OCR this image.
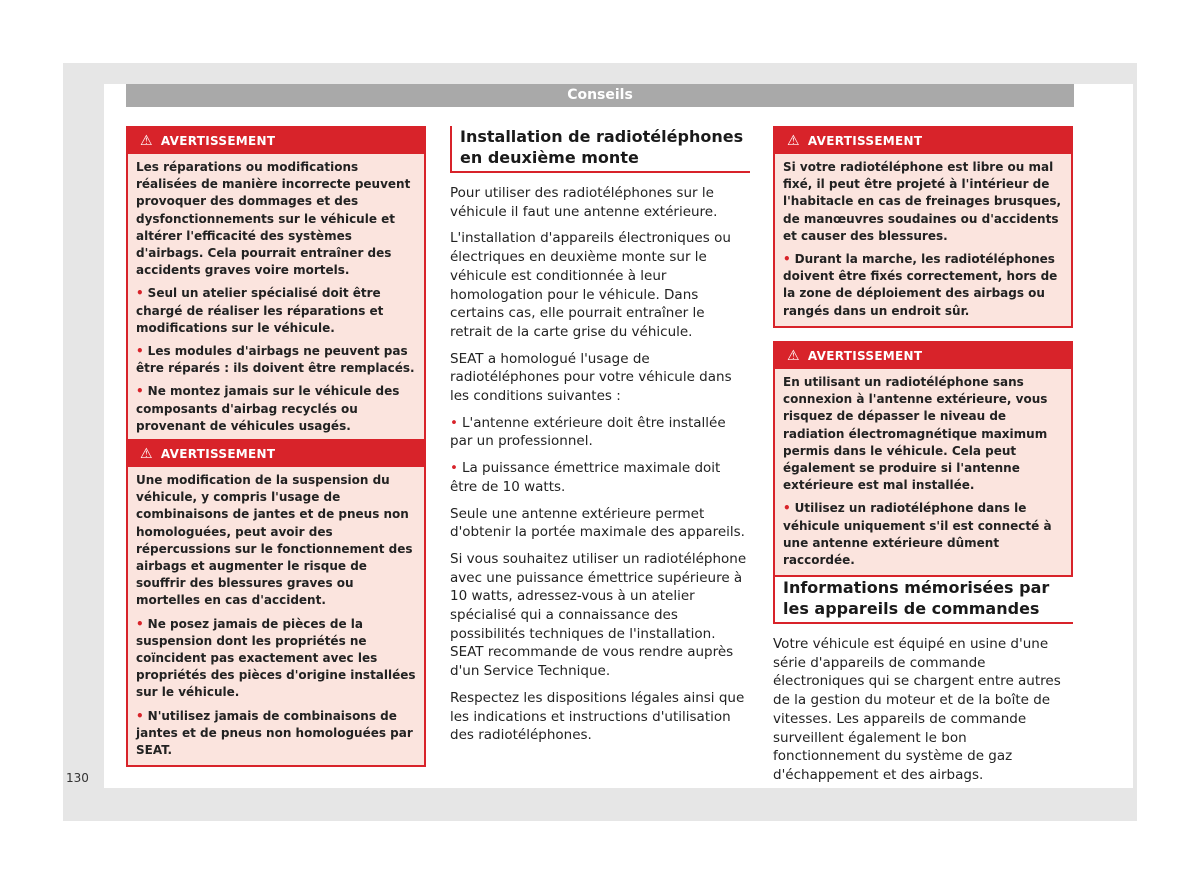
Conseils
⚠ AVERTISSEMENT

Les réparations ou modifications réalisées de manière incorrecte peuvent provoquer des dommages et des dysfonctionnements sur le véhicule et altérer l'efficacité des systèmes d'airbags. Cela pourrait entraîner des accidents graves voire mortels.

• Seul un atelier spécialisé doit être chargé de réaliser les réparations et modifications sur le véhicule.

• Les modules d'airbags ne peuvent pas être réparés : ils doivent être remplacés.

• Ne montez jamais sur le véhicule des composants d'airbag recyclés ou provenant de véhicules usagés.

⚠ AVERTISSEMENT

Une modification de la suspension du véhicule, y compris l'usage de combinaisons de jantes et de pneus non homologuées, peut avoir des répercussions sur le fonctionnement des airbags et augmenter le risque de souffrir des blessures graves ou mortelles en cas d'accident.

• Ne posez jamais de pièces de la suspension dont les propriétés ne coïncident pas exactement avec les propriétés des pièces d'origine installées sur le véhicule.

• N'utilisez jamais de combinaisons de jantes et de pneus non homologuées par SEAT.

Installation de radiotéléphones en deuxième monte

Pour utiliser des radiotéléphones sur le véhicule il faut une antenne extérieure.

L'installation d'appareils électroniques ou électriques en deuxième monte sur le véhicule est conditionnée à leur homologation pour le véhicule. Dans certains cas, elle pourrait entraîner le retrait de la carte grise du véhicule.

SEAT a homologué l'usage de radiotéléphones pour votre véhicule dans les conditions suivantes :

• L'antenne extérieure doit être installée par un professionnel.

• La puissance émettrice maximale doit être de 10 watts.

Seule une antenne extérieure permet d'obtenir la portée maximale des appareils.

Si vous souhaitez utiliser un radiotéléphone avec une puissance émettrice supérieure à 10 watts, adressez-vous à un atelier spécialisé qui a connaissance des possibilités techniques de l'installation. SEAT recommande de vous rendre auprès d'un Service Technique.

Respectez les dispositions légales ainsi que les indications et instructions d'utilisation des radiotéléphones.

⚠ AVERTISSEMENT

Si votre radiotéléphone est libre ou mal fixé, il peut être projeté à l'intérieur de l'habitacle en cas de freinages brusques, de manœuvres soudaines ou d'accidents et causer des blessures.

• Durant la marche, les radiotéléphones doivent être fixés correctement, hors de la zone de déploiement des airbags ou rangés dans un endroit sûr.

⚠ AVERTISSEMENT

En utilisant un radiotéléphone sans connexion à l'antenne extérieure, vous risquez de dépasser le niveau de radiation électromagnétique maximum permis dans le véhicule. Cela peut également se produire si l'antenne extérieure est mal installée.

• Utilisez un radiotéléphone dans le véhicule uniquement s'il est connecté à une antenne extérieure dûment raccordée.

Informations mémorisées par les appareils de commandes

Votre véhicule est équipé en usine d'une série d'appareils de commande électroniques qui se chargent entre autres de la gestion du moteur et de la boîte de vitesses. Les appareils de commande surveillent également le bon fonctionnement du système de gaz d'échappement et des airbags.

130
